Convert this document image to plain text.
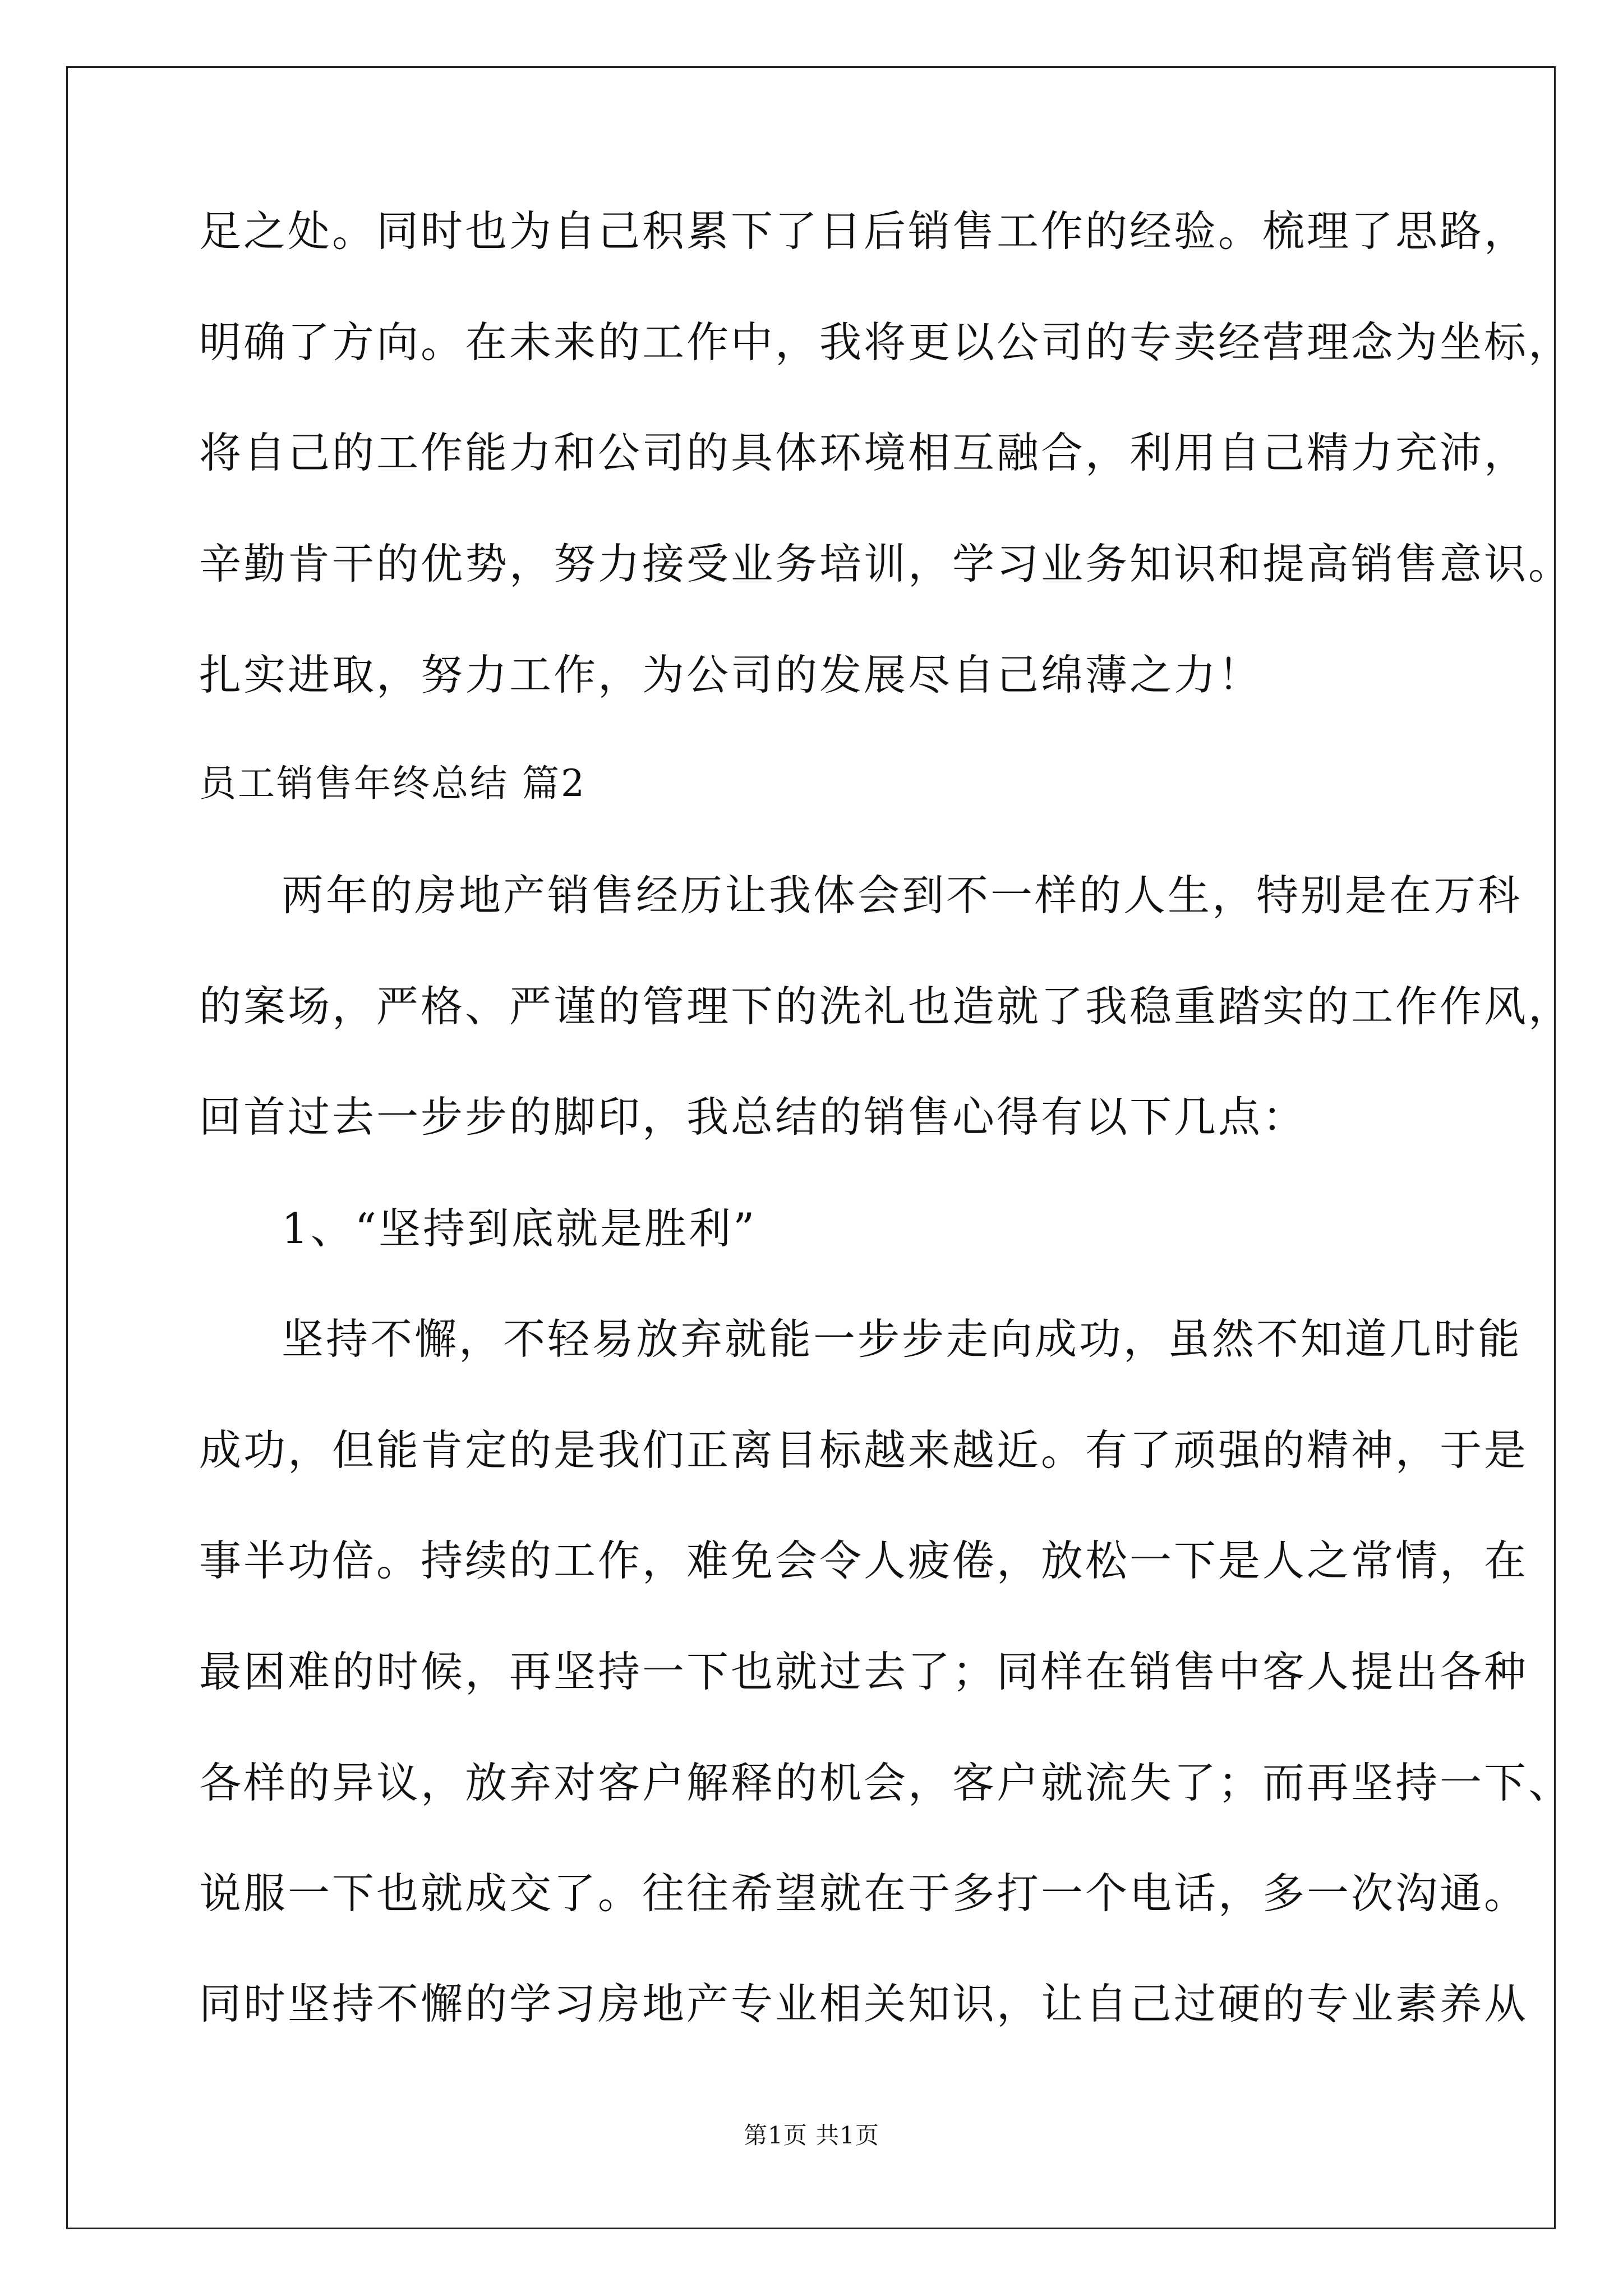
足之处。同时也为自己积累下了日后销售工作的经验。梳理了思路，
明确了方向。在未来的工作中，我将更以公司的专卖经营理念为坐标，
将自己的工作能力和公司的具体环境相互融合，利用自己精力充沛，
辛勤肯干的优势，努力接受业务培训，学习业务知识和提高销售意识。
扎实进取，努力工作，为公司的发展尽自己绵薄之力！
员工销售年终总结 篇2
两年的房地产销售经历让我体会到不一样的人生，特别是在万科
的案场，严格、严谨的管理下的洗礼也造就了我稳重踏实的工作作风，
回首过去一步步的脚印，我总结的销售心得有以下几点：
1、“坚持到底就是胜利”
坚持不懈，不轻易放弃就能一步步走向成功，虽然不知道几时能
成功，但能肯定的是我们正离目标越来越近。有了顽强的精神，于是
事半功倍。持续的工作，难免会令人疲倦，放松一下是人之常情，在
最困难的时候，再坚持一下也就过去了；同样在销售中客人提出各种
各样的异议，放弃对客户解释的机会，客户就流失了；而再坚持一下、
说服一下也就成交了。往往希望就在于多打一个电话，多一次沟通。
同时坚持不懈的学习房地产专业相关知识，让自己过硬的专业素养从
第1页 共1页
